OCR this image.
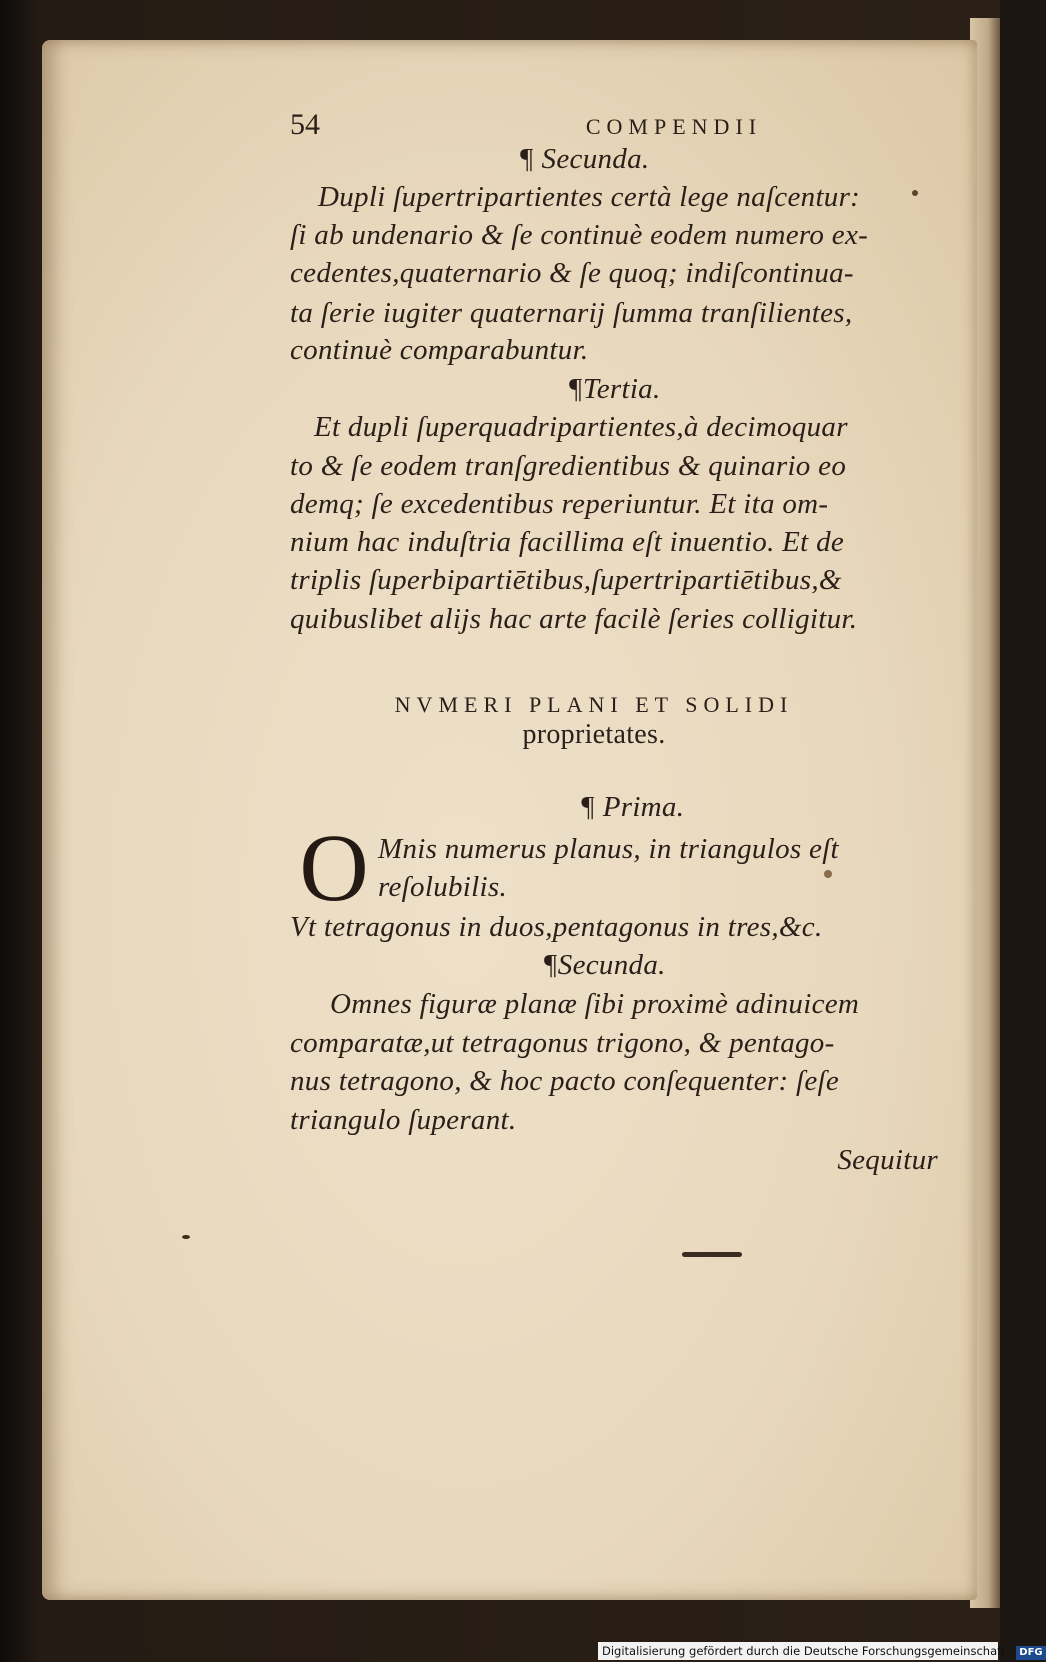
54	COMPENDII
¶ Secunda.
Dupli ſupertripartientes certà lege naſcentur:
ſi ab undenario & ſe continuè eodem numero ex-
cedentes,quaternario & ſe quoq; indiſcontinua-
ta ſerie iugiter quaternarij ſumma tranſilientes,
continuè comparabuntur.
¶Tertia.
Et dupli ſuperquadripartientes,à decimoquar
to & ſe eodem tranſgredientibus & quinario eo
demq; ſe excedentibus reperiuntur. Et ita om-
nium hac induſtria facillima eſt inuentio. Et de
triplis ſuperbipartiētibus,ſupertripartiētibus,&
quibuslibet alijs hac arte facilè ſeries colligitur.
NVMERI PLANI ET SOLIDI
proprietates.
¶ Prima.
O Mnis numerus planus, in triangulos eſt
reſolubilis.
Vt tetragonus in duos,pentagonus in tres,&c.
¶Secunda.
Omnes figuræ planæ ſibi proximè adinuicem
comparatæ,ut tetragonus trigono, & pentago-
nus tetragono, & hoc pacto conſequenter: ſeſe
triangulo ſuperant.
Sequitur
Digitalisierung gefördert durch die Deutsche Forschungsgemeinschaft - DFG
